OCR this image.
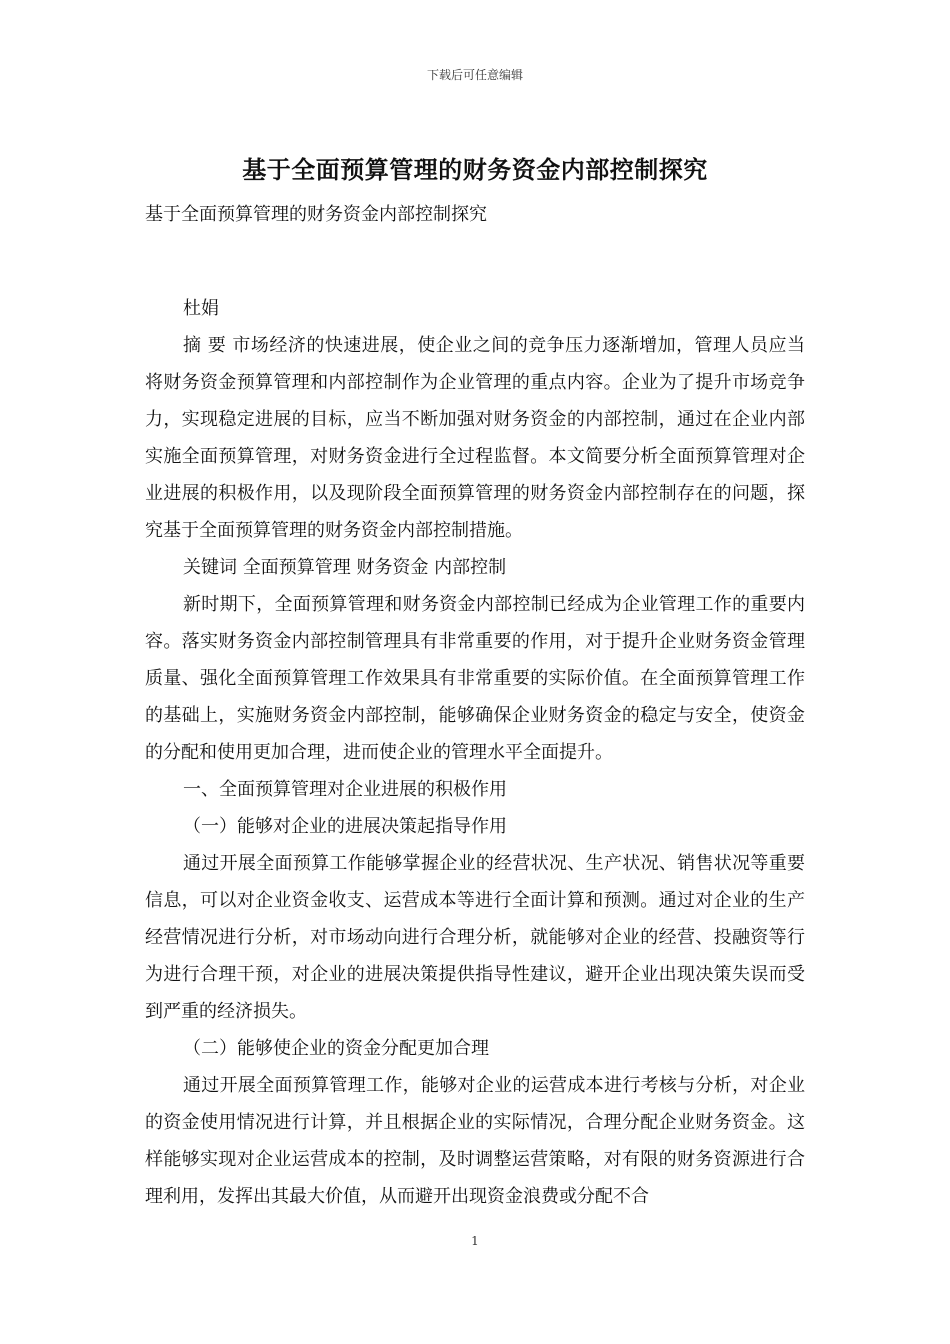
下载后可任意编辑
基于全面预算管理的财务资金内部控制探究

基于全面预算管理的财务资金内部控制探究

杜娟

摘 要 市场经济的快速进展，使企业之间的竞争压力逐渐增加，管理人员应当将财务资金预算管理和内部控制作为企业管理的重点内容。企业为了提升市场竞争力，实现稳定进展的目标，应当不断加强对财务资金的内部控制，通过在企业内部实施全面预算管理，对财务资金进行全过程监督。本文简要分析全面预算管理对企业进展的积极作用，以及现阶段全面预算管理的财务资金内部控制存在的问题，探究基于全面预算管理的财务资金内部控制措施。

关键词 全面预算管理 财务资金 内部控制

新时期下，全面预算管理和财务资金内部控制已经成为企业管理工作的重要内容。落实财务资金内部控制管理具有非常重要的作用，对于提升企业财务资金管理质量、强化全面预算管理工作效果具有非常重要的实际价值。在全面预算管理工作的基础上，实施财务资金内部控制，能够确保企业财务资金的稳定与安全，使资金的分配和使用更加合理，进而使企业的管理水平全面提升。

一、全面预算管理对企业进展的积极作用

（一）能够对企业的进展决策起指导作用

通过开展全面预算工作能够掌握企业的经营状况、生产状况、销售状况等重要信息，可以对企业资金收支、运营成本等进行全面计算和预测。通过对企业的生产经营情况进行分析，对市场动向进行合理分析，就能够对企业的经营、投融资等行为进行合理干预，对企业的进展决策提供指导性建议，避开企业出现决策失误而受到严重的经济损失。

（二）能够使企业的资金分配更加合理

通过开展全面预算管理工作，能够对企业的运营成本进行考核与分析，对企业的资金使用情况进行计算，并且根据企业的实际情况，合理分配企业财务资金。这样能够实现对企业运营成本的控制，及时调整运营策略，对有限的财务资源进行合理利用，发挥出其最大价值，从而避开出现资金浪费或分配不合

1
